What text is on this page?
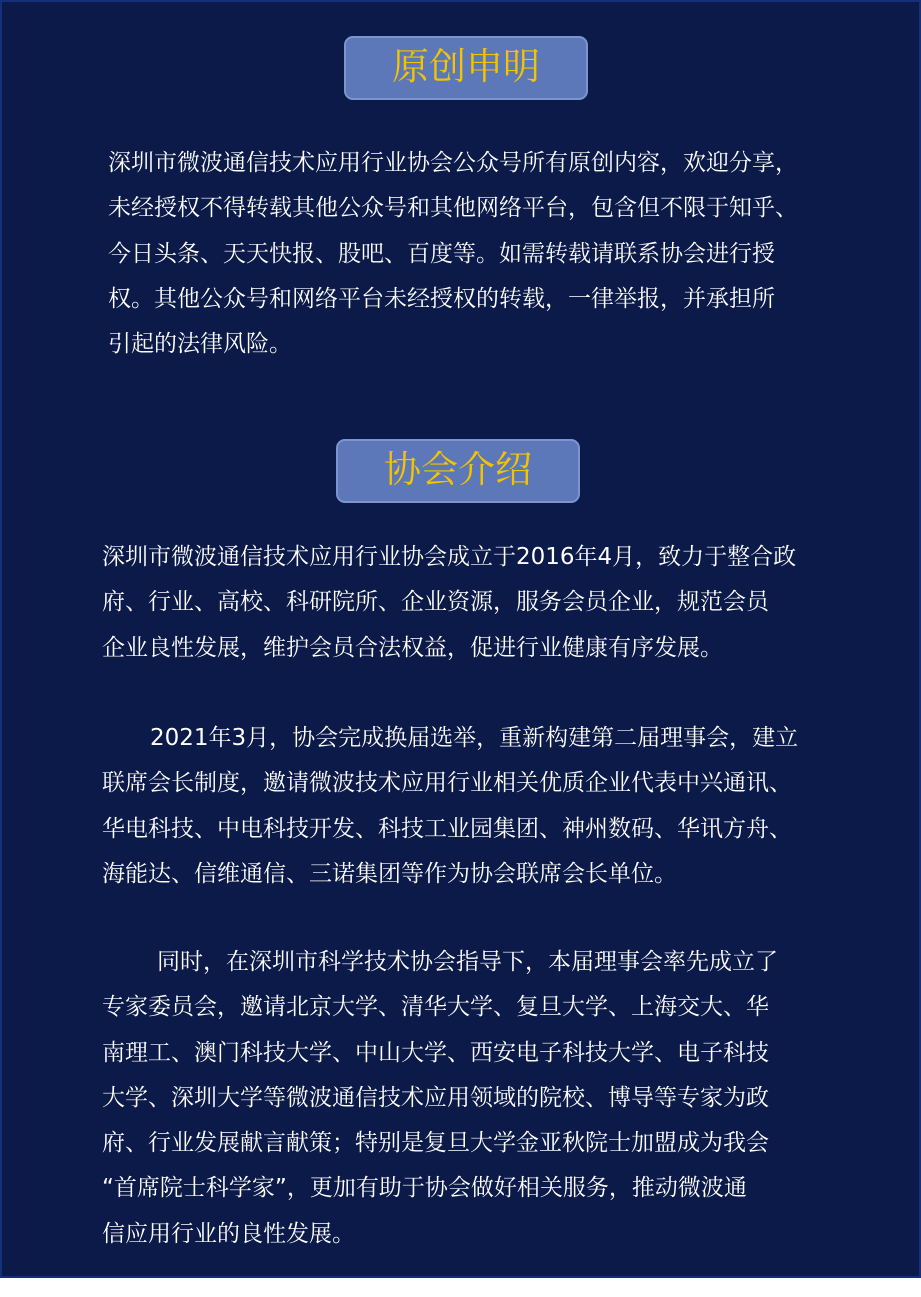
原创申明
深圳市微波通信技术应用行业协会公众号所有原创内容，欢迎分享，
未经授权不得转载其他公众号和其他网络平台，包含但不限于知乎、
今日头条、天天快报、股吧、百度等。如需转载请联系协会进行授
权。其他公众号和网络平台未经授权的转载，一律举报，并承担所
引起的法律风险。
协会介绍
深圳市微波通信技术应用行业协会成立于2016年4月，致力于整合政
府、行业、高校、科研院所、企业资源，服务会员企业，规范会员
企业良性发展，维护会员合法权益，促进行业健康有序发展。
2021年3月，协会完成换届选举，重新构建第二届理事会，建立
联席会长制度，邀请微波技术应用行业相关优质企业代表中兴通讯、
华电科技、中电科技开发、科技工业园集团、神州数码、华讯方舟、
海能达、信维通信、三诺集团等作为协会联席会长单位。
同时，在深圳市科学技术协会指导下，本届理事会率先成立了
专家委员会，邀请北京大学、清华大学、复旦大学、上海交大、华
南理工、澳门科技大学、中山大学、西安电子科技大学、电子科技
大学、深圳大学等微波通信技术应用领域的院校、博导等专家为政
府、行业发展献言献策；特别是复旦大学金亚秋院士加盟成为我会
“首席院士科学家”，更加有助于协会做好相关服务，推动微波通
信应用行业的良性发展。
